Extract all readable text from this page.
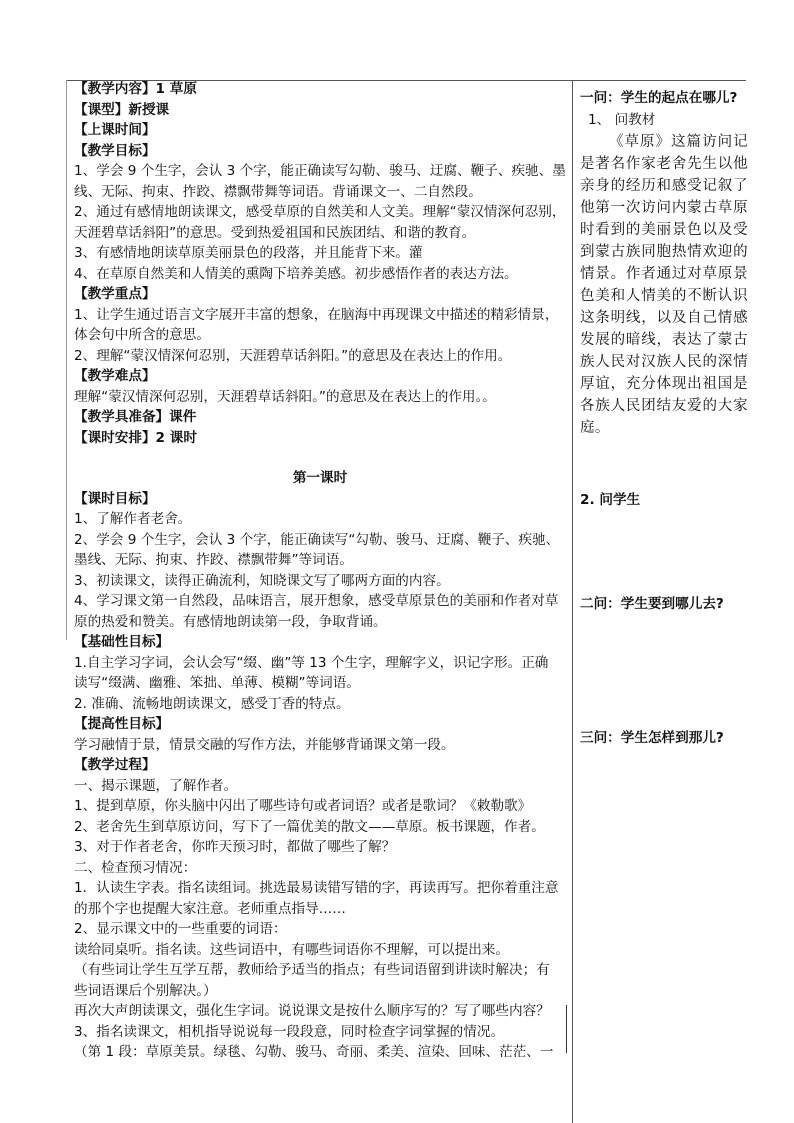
【教学内容】1 草原
【课型】新授课
【上课时间】
【教学目标】
1、学会 9 个生字，会认 3 个字，能正确读写勾勒、骏马、迂腐、鞭子、疾驰、墨
线、无际、拘束、拃跤、襟飘带舞等词语。背诵课文一、二自然段。
2、通过有感情地朗读课文，感受草原的自然美和人文美。理解“蒙汉情深何忍别，
天涯碧草话斜阳”的意思。受到热爱祖国和民族团结、和谐的教育。
3、有感情地朗读草原美丽景色的段落，并且能背下来。灌
4、在草原自然美和人情美的熏陶下培养美感。初步感悟作者的表达方法。
【教学重点】
1、让学生通过语言文字展开丰富的想象，在脑海中再现课文中描述的精彩情景，
体会句中所含的意思。
2、理解“蒙汉情深何忍别，天涯碧草话斜阳。”的意思及在表达上的作用。
【教学难点】
理解“蒙汉情深何忍别，天涯碧草话斜阳。”的意思及在表达上的作用。。
【教学具准备】课件
【课时安排】2 课时
第一课时
【课时目标】
1、了解作者老舍。
2、学会 9 个生字，会认 3 个字，能正确读写“勾勒、骏马、迂腐、鞭子、疾驰、
墨线、无际、拘束、拃跤、襟飘带舞”等词语。
3、初读课文，读得正确流利，知晓课文写了哪两方面的内容。
4、学习课文第一自然段，品味语言，展开想象，感受草原景色的美丽和作者对草
原的热爱和赞美。有感情地朗读第一段，争取背诵。
【基础性目标】
1.自主学习字词，会认会写“缀、幽”等 13 个生字，理解字义，识记字形。正确
读写“缀满、幽雅、笨拙、单薄、模糊”等词语。
2. 准确、流畅地朗读课文，感受丁香的特点。
【提高性目标】
学习融情于景，情景交融的写作方法，并能够背诵课文第一段。
【教学过程】
一、揭示课题，了解作者。
1、提到草原，你头脑中闪出了哪些诗句或者词语？或者是歌词？《敕勒歌》
2、老舍先生到草原访问，写下了一篇优美的散文——草原。板书课题，作者。
3、对于作者老舍，你昨天预习时，都做了哪些了解？
二、检查预习情况：
1．认读生字表。指名读组词。挑选最易读错写错的字，再读再写。把你着重注意
的那个字也提醒大家注意。老师重点指导……
2、显示课文中的一些重要的词语：
读给同桌听。指名读。这些词语中，有哪些词语你不理解，可以提出来。
（有些词让学生互学互帮，教师给予适当的指点；有些词语留到讲读时解决；有
些词语课后个别解决。）
再次大声朗读课文，强化生字词。说说课文是按什么顺序写的？写了哪些内容？
3、指名读课文，相机指导说说每一段段意，同时检查字词掌握的情况。
（第 1 段：草原美景。绿毯、勾勒、骏马、奇丽、柔美、渲染、回味、茫茫、一
一问：学生的起点在哪儿?
1、 问教材
《草原》这篇访问记是著名作家老舍先生以他亲身的经历和感受记叙了他第一次访问内蒙古草原时看到的美丽景色以及受到蒙古族同胞热情欢迎的情景。作者通过对草原景色美和人情美的不断认识这条明线，以及自己情感发展的暗线，表达了蒙古族人民对汉族人民的深情厚谊，充分体现出祖国是各族人民团结友爱的大家庭。
2. 问学生
二问：学生要到哪儿去?
三问：学生怎样到那儿?
